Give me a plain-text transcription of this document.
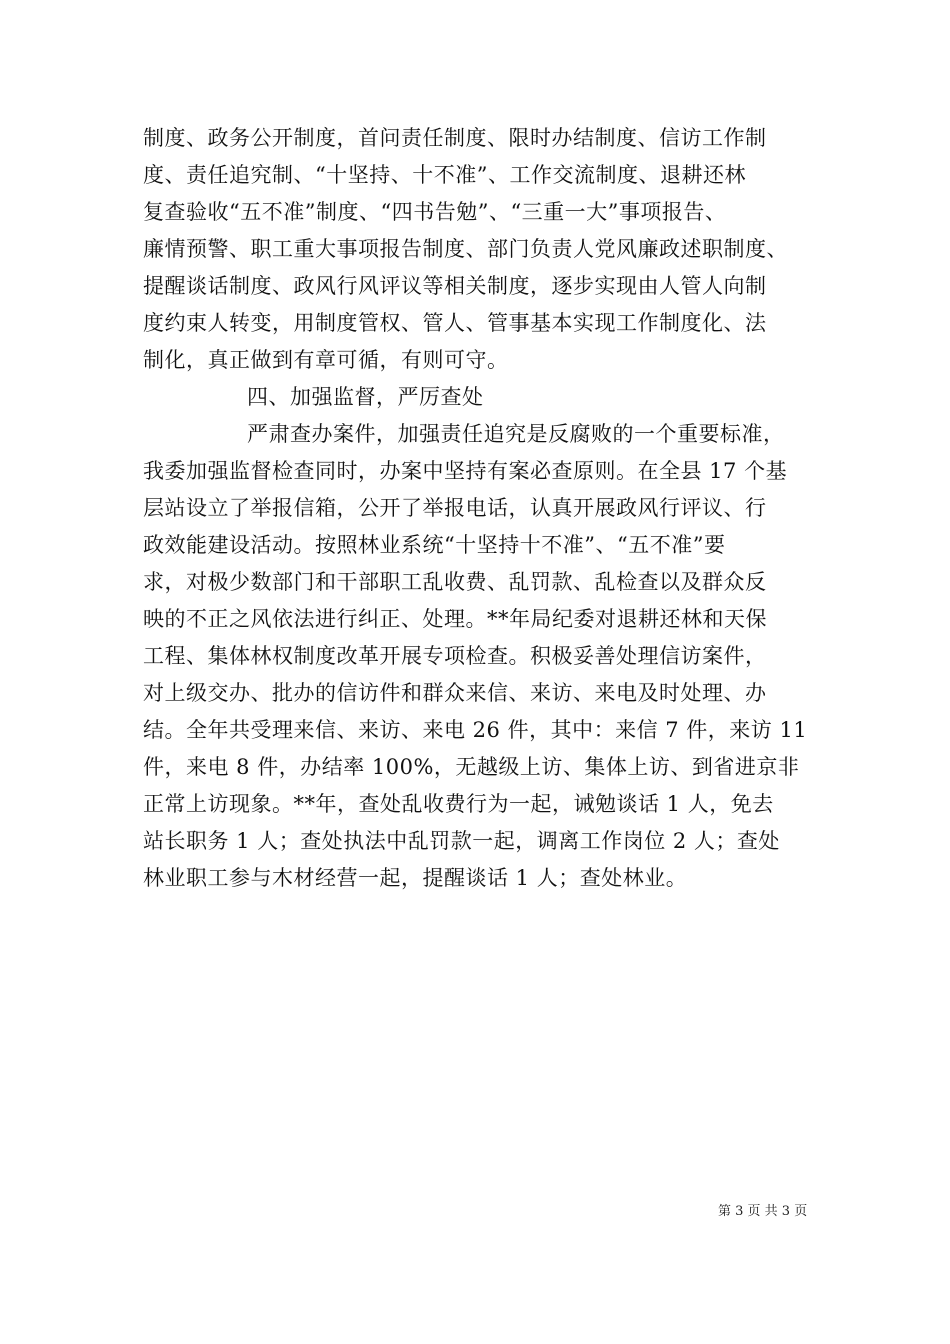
制度、政务公开制度，首问责任制度、限时办结制度、信访工作制
度、责任追究制、“十坚持、十不准”、工作交流制度、退耕还林
复查验收“五不准”制度、“四书告勉”、“三重一大”事项报告、
廉情预警、职工重大事项报告制度、部门负责人党风廉政述职制度、
提醒谈话制度、政风行风评议等相关制度，逐步实现由人管人向制
度约束人转变，用制度管权、管人、管事基本实现工作制度化、法
制化，真正做到有章可循，有则可守。
四、加强监督，严厉查处
严肃查办案件，加强责任追究是反腐败的一个重要标准，
我委加强监督检查同时，办案中坚持有案必查原则。在全县 17 个基
层站设立了举报信箱，公开了举报电话，认真开展政风行评议、行
政效能建设活动。按照林业系统“十坚持十不准”、“五不准”要
求，对极少数部门和干部职工乱收费、乱罚款、乱检查以及群众反
映的不正之风依法进行纠正、处理。**年局纪委对退耕还林和天保
工程、集体林权制度改革开展专项检查。积极妥善处理信访案件，
对上级交办、批办的信访件和群众来信、来访、来电及时处理、办
结。全年共受理来信、来访、来电 26 件，其中：来信 7 件，来访 11
件，来电 8 件，办结率 100%，无越级上访、集体上访、到省进京非
正常上访现象。**年，查处乱收费行为一起，诫勉谈话 1 人，免去
站长职务 1 人；查处执法中乱罚款一起，调离工作岗位 2 人；查处
林业职工参与木材经营一起，提醒谈话 1 人；查处林业。
第 3 页 共 3 页
